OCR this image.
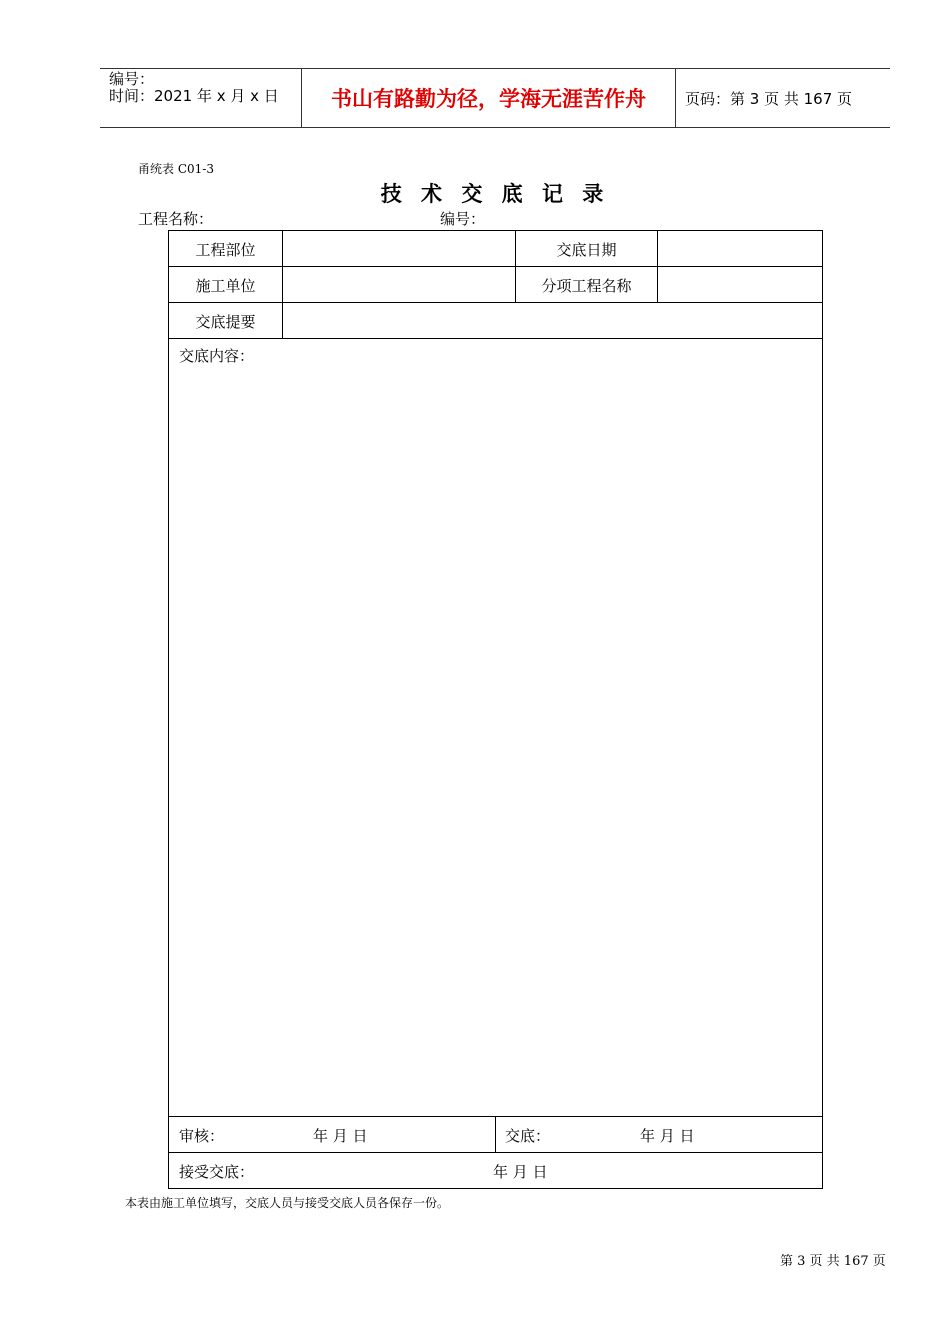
编号：
时间：2021 年 x 月 x 日	书山有路勤为径，学海无涯苦作舟	页码：第 3 页 共 167 页
甬统表 C01-3
技 术 交 底 记 录
工程名称：	编号：
工程部位	交底日期
施工单位	分项工程名称
交底提要
交底内容：
审核：	年 月 日	交底：	年 月 日
接受交底：	年 月 日
本表由施工单位填写，交底人员与接受交底人员各保存一份。
第 3 页 共 167 页
